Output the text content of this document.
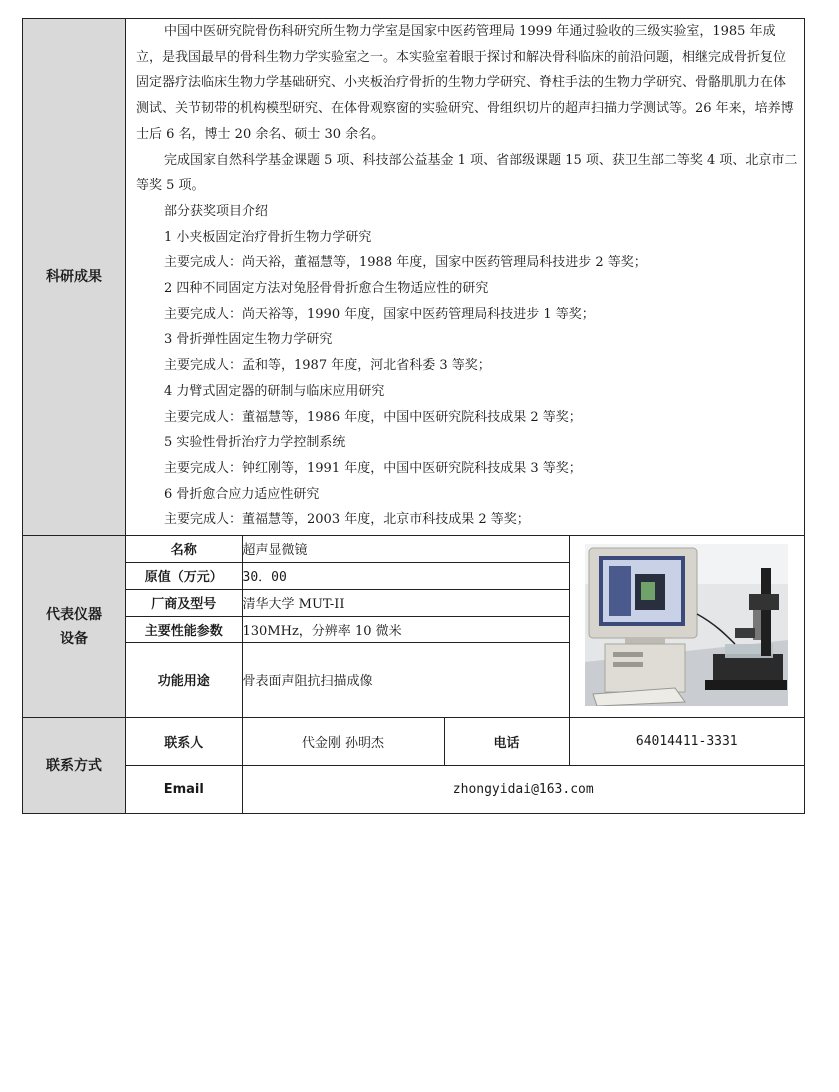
科研成果	

中国中医研究院骨伤科研究所生物力学室是国家中医药管理局 1999 年通过验收的三级实验室，1985 年成立，是我国最早的骨科生物力学实验室之一。本实验室着眼于探讨和解决骨科临床的前沿问题，相继完成骨折复位固定器疗法临床生物力学基础研究、小夹板治疗骨折的生物力学研究、脊柱手法的生物力学研究、骨骼肌肌力在体测试、关节韧带的机构模型研究、在体骨观察窗的实验研究、骨组织切片的超声扫描力学测试等。26 年来，培养博士后 6 名，博士 20 余名、硕士 30 余名。

完成国家自然科学基金课题 5 项、科技部公益基金 1 项、省部级课题 15 项、获卫生部二等奖 4 项、北京市二等奖 5 项。

部分获奖项目介绍

1 小夹板固定治疗骨折生物力学研究

主要完成人：尚天裕，董福慧等，1988 年度，国家中医药管理局科技进步 2 等奖；

2 四种不同固定方法对兔胫骨骨折愈合生物适应性的研究

主要完成人：尚天裕等，1990 年度，国家中医药管理局科技进步 1 等奖；

3 骨折弹性固定生物力学研究

主要完成人：孟和等，1987 年度，河北省科委 3 等奖；

4 力臂式固定器的研制与临床应用研究

主要完成人：董福慧等，1986 年度，中国中医研究院科技成果 2 等奖；

5 实验性骨折治疗力学控制系统

主要完成人：钟红刚等，1991 年度，中国中医研究院科技成果 3 等奖；

6 骨折愈合应力适应性研究

主要完成人：董福慧等，2003 年度，北京市科技成果 2 等奖；

代表仪器
设备

名称	超声显微镜	
原值（万元）	30．00
厂商及型号	清华大学 MUT-II
主要性能参数	130MHz，分辨率 10 微米
功能用途	骨表面声阻抗扫描成像

联系方式	
联系人	代金刚 孙明杰	电话	64014411-3331
Email	zhongyidai@163.com
